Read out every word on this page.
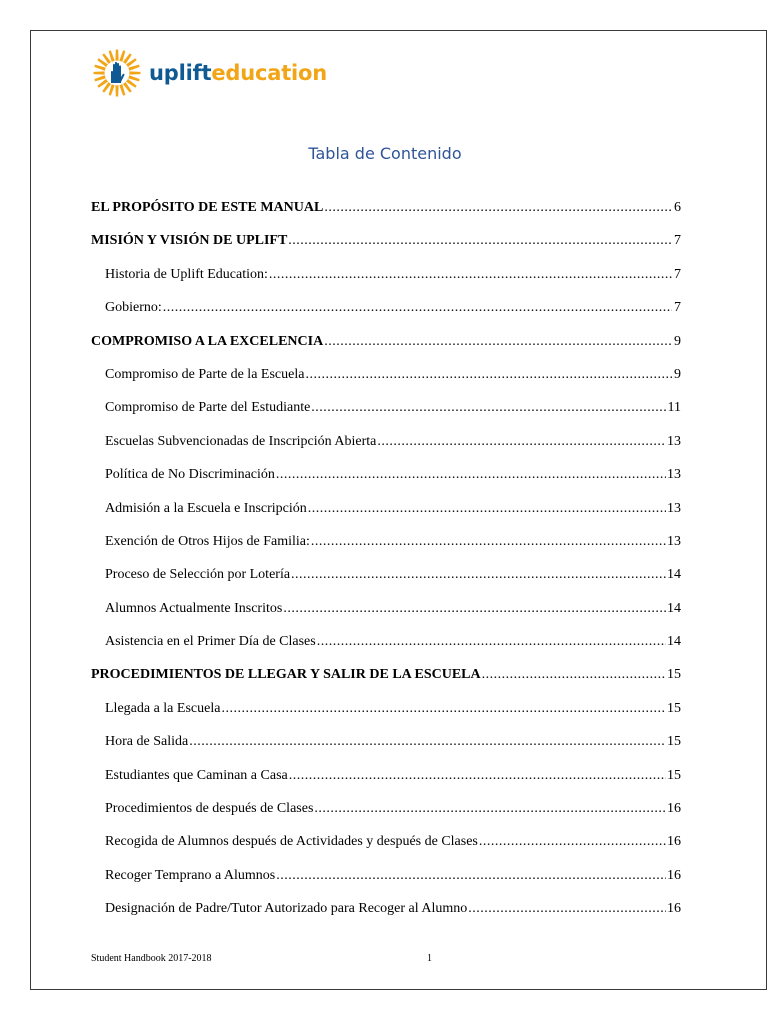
uplifteducation
Tabla de Contenido
EL PROPÓSITO DE ESTE MANUAL .....	6
MISIÓN Y VISIÓN DE UPLIFT .....	7
Historia de Uplift Education: .....	7
Gobierno: .....	7
COMPROMISO A LA EXCELENCIA .....	9
Compromiso de Parte de la Escuela .....	9
Compromiso de Parte del Estudiante .....	11
Escuelas Subvencionadas de Inscripción Abierta .....	13
Política de No Discriminación .....	13
Admisión a la Escuela e Inscripción .....	13
Exención de Otros Hijos de Familia: .....	13
Proceso de Selección por Lotería .....	14
Alumnos Actualmente Inscritos .....	14
Asistencia en el Primer Día de Clases .....	14
PROCEDIMIENTOS DE LLEGAR Y SALIR DE LA ESCUELA .....	15
Llegada a la Escuela .....	15
Hora de Salida .....	15
Estudiantes que Caminan a Casa .....	15
Procedimientos de después de Clases .....	16
Recogida de Alumnos después de Actividades y después de Clases .....	16
Recoger Temprano a Alumnos .....	16
Designación de Padre/Tutor Autorizado para Recoger al Alumno .....	16
Student Handbook 2017-2018	1
